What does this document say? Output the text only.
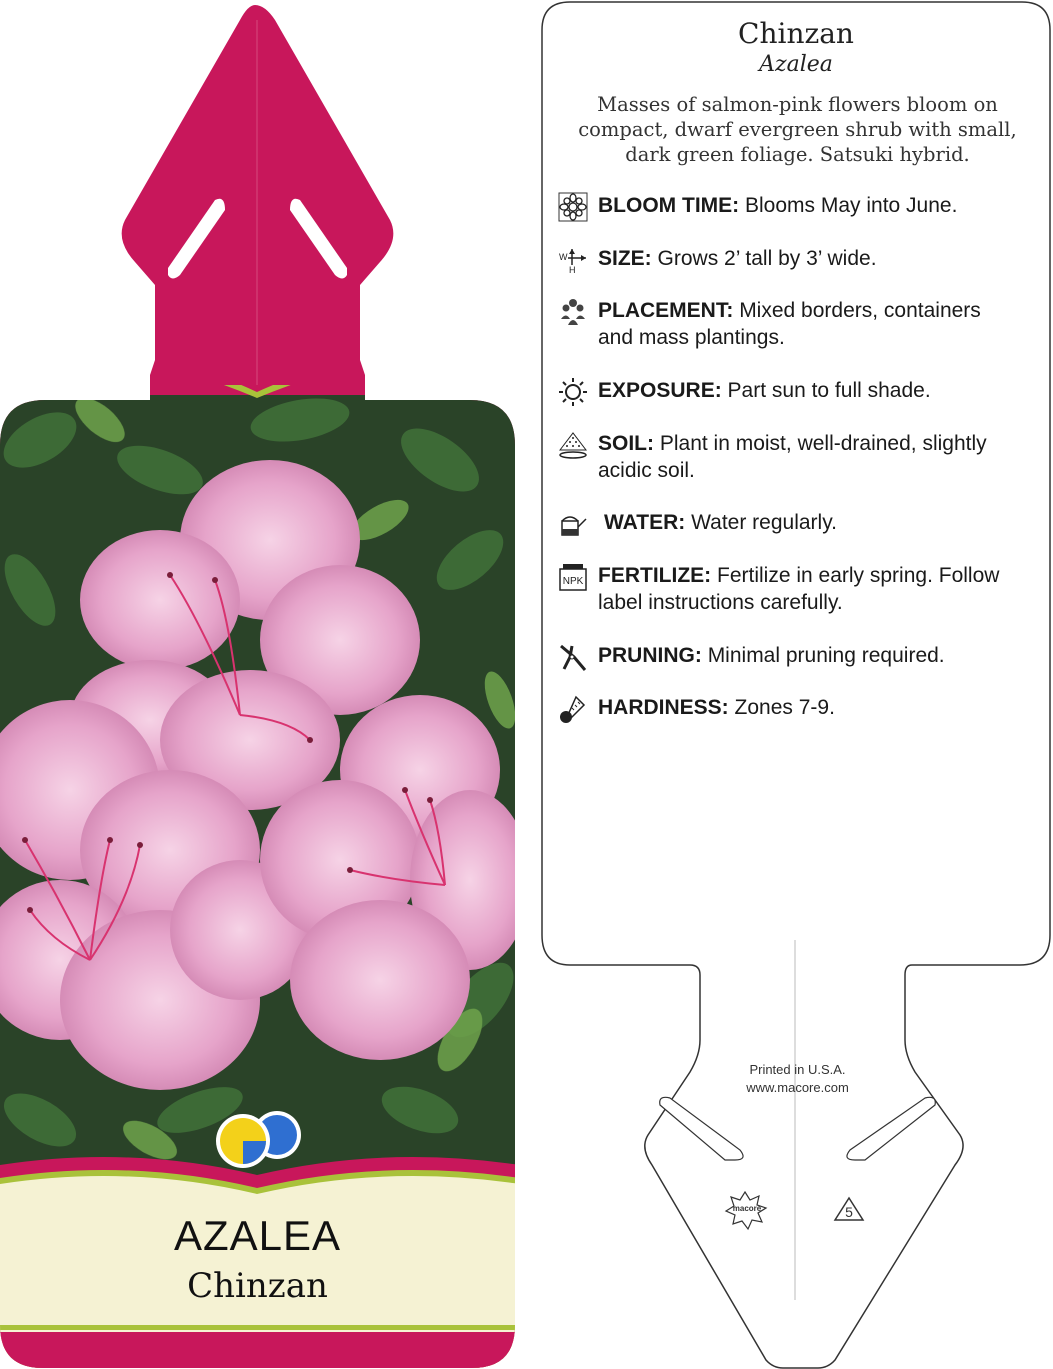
AZALEA
Chinzan
macore	5
Printed in U.S.A.
www.macore.com
Chinzan
Azalea
Masses of salmon-pink flowers bloom on
compact, dwarf evergreen shrub with small,
dark green foliage. Satsuki hybrid.
BLOOM TIME: Blooms May into June.
W
H SIZE: Grows 2’ tall by 3’ wide.
PLACEMENT: Mixed borders, containers
and mass plantings.
EXPOSURE: Part sun to full shade.
SOIL: Plant in moist, well-drained, slightly
acidic soil.
WATER: Water regularly.
NPK FERTILIZE: Fertilize in early spring. Follow
label instructions carefully.
PRUNING: Minimal pruning required.
HARDINESS: Zones 7-9.
